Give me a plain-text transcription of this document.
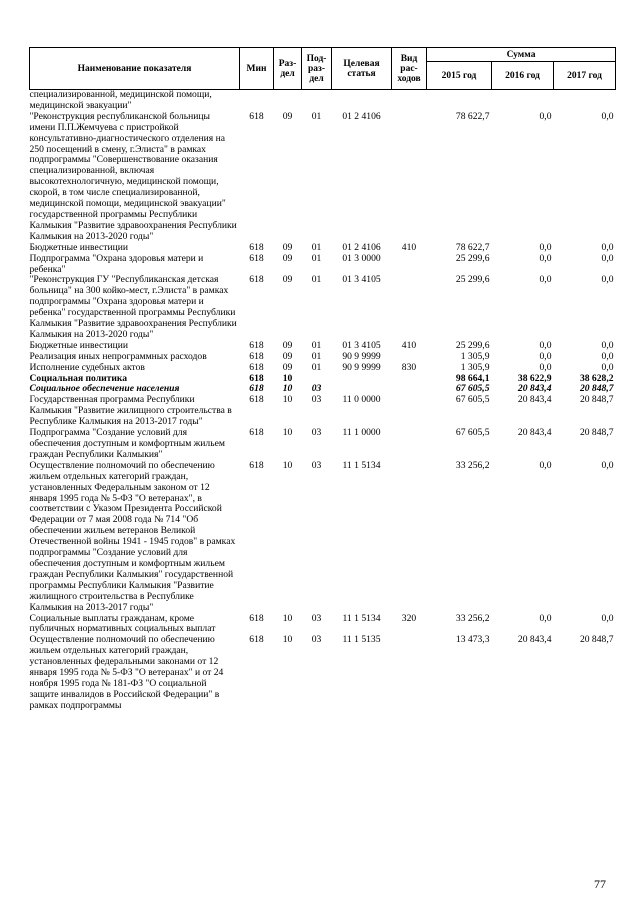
Наименование показателя	Мин	Раз- дел	Под- раз- дел	Целевая статья	Вид рас- ходов	Сумма		
						2015 год	2016 год	2017 год
специализированной, медицинской помощи, медицинской эвакуации"								
"Реконструкция республиканской больницы имени П.П.Жемчуева с пристройкой консультативно-диагностического отделения на 250 посещений в смену, г.Элиста" в рамках подпрограммы "Совершенствование оказания специализированной, включая высокотехнологичную, медицинской помощи, скорой, в том числе специализированной, медицинской помощи, медицинской эвакуации" государственной программы Республики Калмыкия "Развитие здравоохранения Республики Калмыкия на 2013-2020 годы"	618	09	01	01 2 4106		78 622,7	0,0	0,0
Бюджетные инвестиции	618	09	01	01 2 4106	410	78 622,7	0,0	0,0
Подпрограмма "Охрана здоровья матери и ребенка"	618	09	01	01 3 0000		25 299,6	0,0	0,0
"Реконструкция ГУ "Республиканская детская больница" на 300 койко-мест, г.Элиста" в рамках подпрограммы "Охрана здоровья матери и ребенка" государственной программы Республики Калмыкия "Развитие здравоохранения Республики Калмыкия на 2013-2020 годы"	618	09	01	01 3 4105		25 299,6	0,0	0,0
Бюджетные инвестиции	618	09	01	01 3 4105	410	25 299,6	0,0	0,0
Реализация иных непрограммных расходов	618	09	01	90 9 9999		1 305,9	0,0	0,0
Исполнение судебных актов	618	09	01	90 9 9999	830	1 305,9	0,0	0,0
Социальная политика	618	10				98 664,1	38 622,9	38 628,2
Социальное обеспечение населения	618	10	03			67 605,5	20 843,4	20 848,7
Государственная программа Республики Калмыкия "Развитие жилищного строительства в Республике Калмыкия на 2013-2017 годы"	618	10	03	11 0 0000		67 605,5	20 843,4	20 848,7
Подпрограмма "Создание условий для обеспечения доступным и комфортным жильем граждан Республики Калмыкия"	618	10	03	11 1 0000		67 605,5	20 843,4	20 848,7
Осуществление полномочий по обеспечению жильем отдельных категорий граждан, установленных Федеральным законом от 12 января 1995 года № 5-ФЗ "О ветеранах", в соответствии с Указом Президента Российской Федерации от 7 мая 2008 года № 714 "Об обеспечении жильем ветеранов Великой Отечественной войны 1941 - 1945 годов" в рамках подпрограммы "Создание условий для обеспечения доступным и комфортным жильем граждан Республики Калмыкия" государственной программы Республики Калмыкия "Развитие жилищного строительства в Республике Калмыкия на 2013-2017 годы"	618	10	03	11 1 5134		33 256,2	0,0	0,0
Социальные выплаты гражданам, кроме публичных нормативных социальных выплат	618	10	03	11 1 5134	320	33 256,2	0,0	0,0
Осуществление полномочий по обеспечению жильем отдельных категорий граждан, установленных федеральными законами от 12 января 1995 года № 5-ФЗ "О ветеранах" и от 24 ноября 1995 года № 181-ФЗ "О социальной защите инвалидов в Российской Федерации" в рамках подпрограммы	618	10	03	11 1 5135		13 473,3	20 843,4	20 848,7
77
